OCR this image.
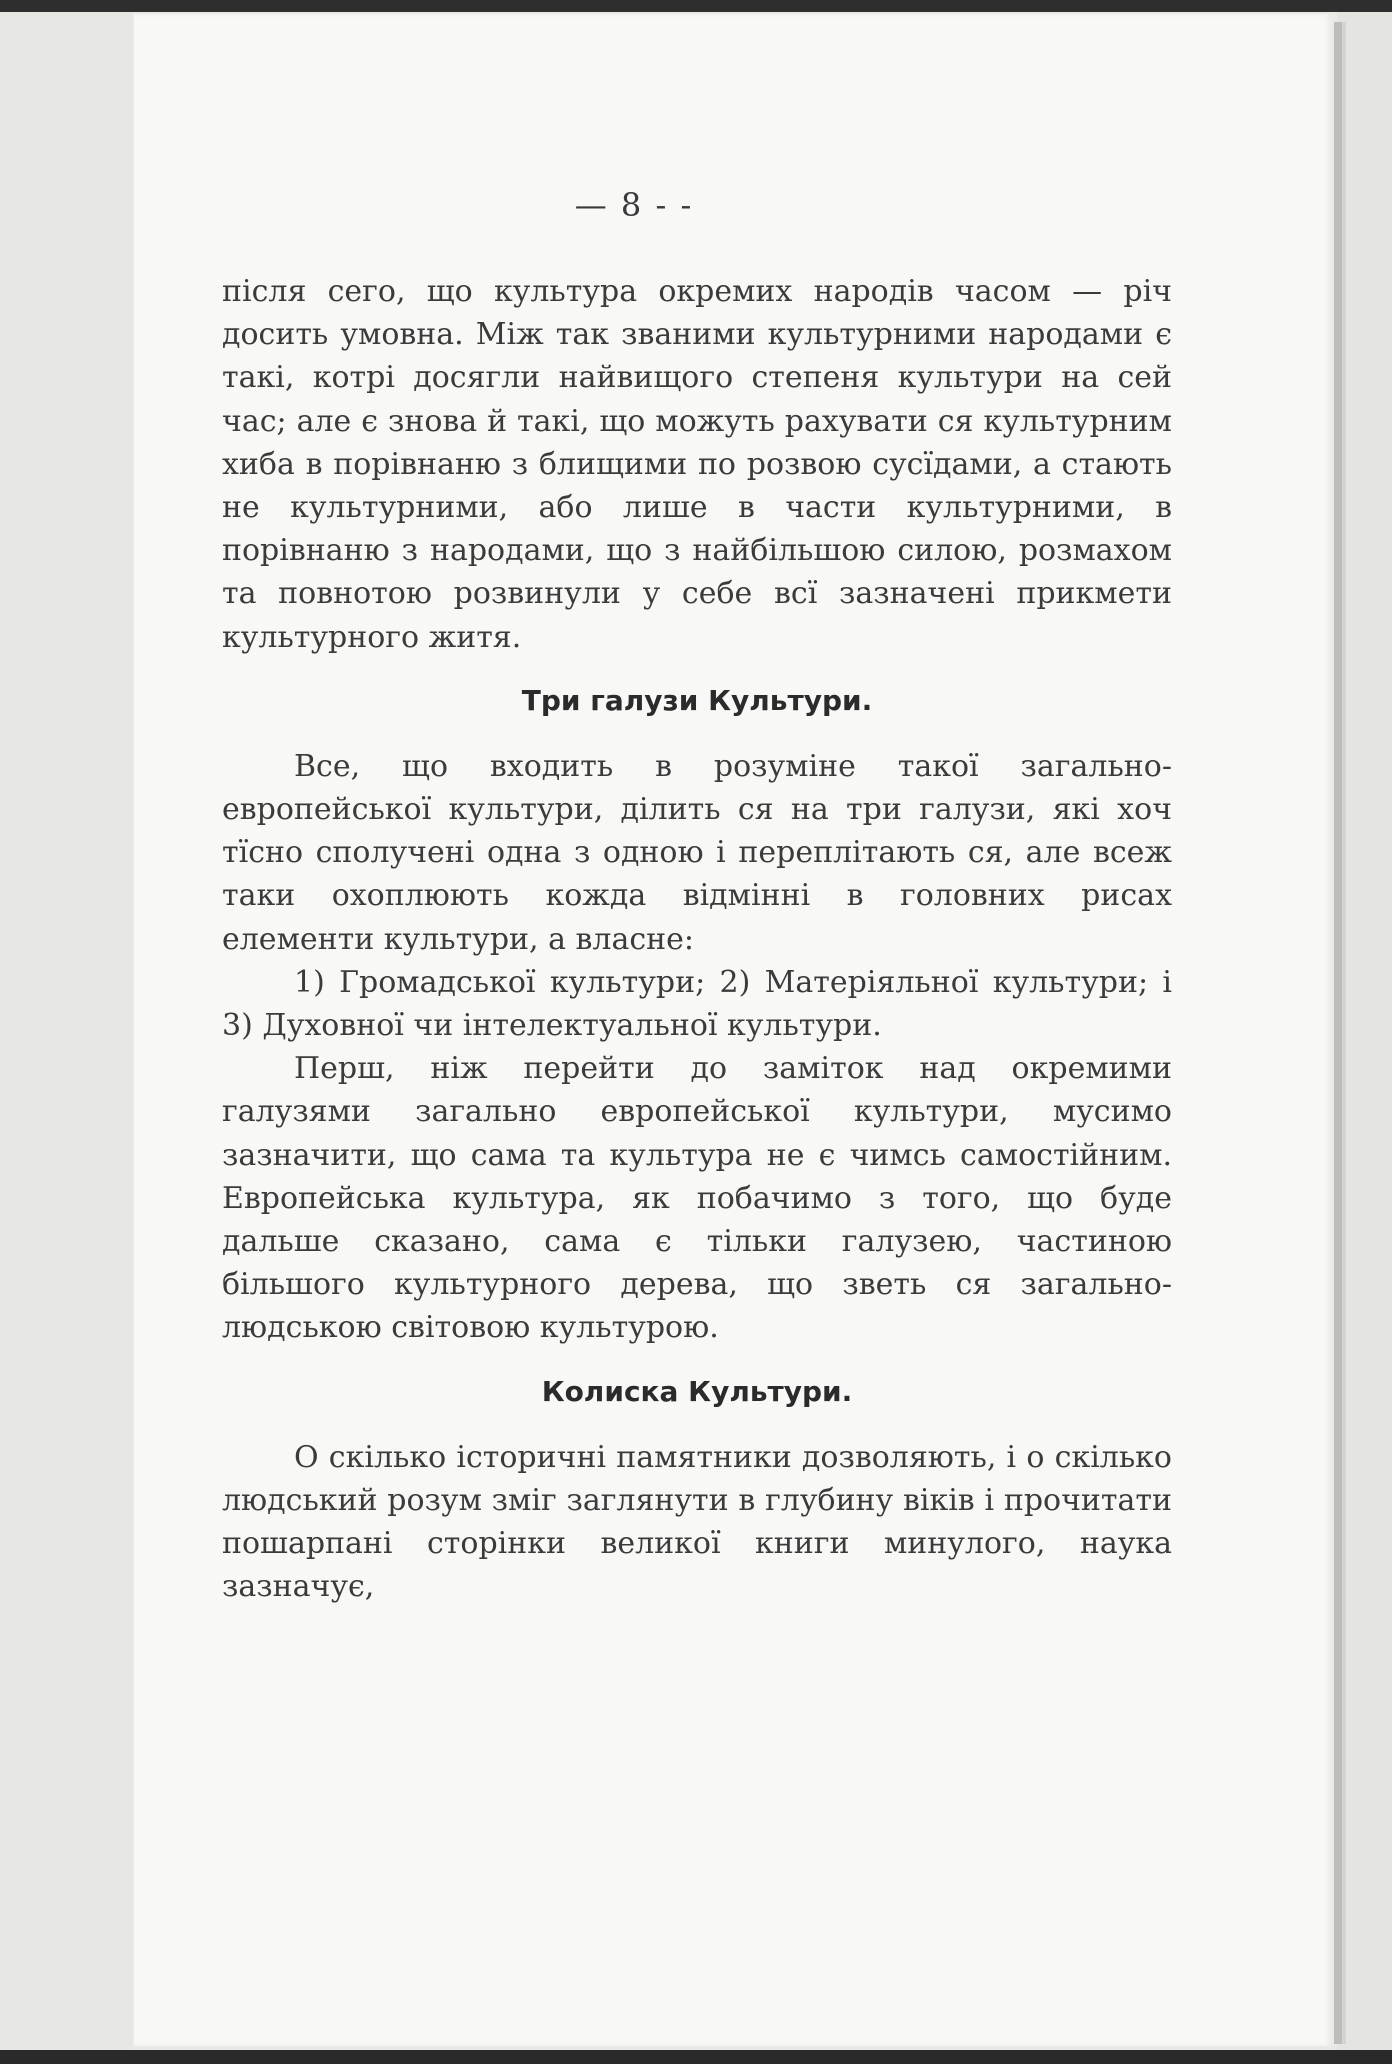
— 8 - -

після сего, що культура окремих народів часом — річ досить умовна. Між так званими культурними народами є такі, котрі досягли найвищого степеня культури на сей час; але є знова й такі, що можуть рахувати ся культурним хиба в порівнаню з блищими по розвою сусїдами, а стають не культурними, або лише в части культурними, в порівнаню з народами, що з найбільшою силою, розмахом та повнотою розвинули у себе всї зазначені прикмети культурного житя.

Три галузи Культури.

Все, що входить в розуміне такої загально-европейської культури, ділить ся на три галузи, які хоч тїсно сполучені одна з одною і переплітають ся, але всеж таки охоплюють кожда відмінні в головних рисах елементи культури, а власне:

1) Громадської культури; 2) Матеріяльної культури; і 3) Духовної чи інтелектуальної культури.

Перш, ніж перейти до заміток над окремими галузями загально европейської культури, мусимо зазначити, що сама та культура не є чимсь самостійним. Европейська культура, як побачимо з того, що буде дальше сказано, сама є тільки галузею, частиною більшого культурного дерева, що зветь ся загально-людською світовою культурою.

Колиска Культури.

О скілько історичні памятники дозволяють, і о скілько людський розум зміг заглянути в глубину віків і прочитати пошарпані сторінки великої книги минулого, наука зазначує,
